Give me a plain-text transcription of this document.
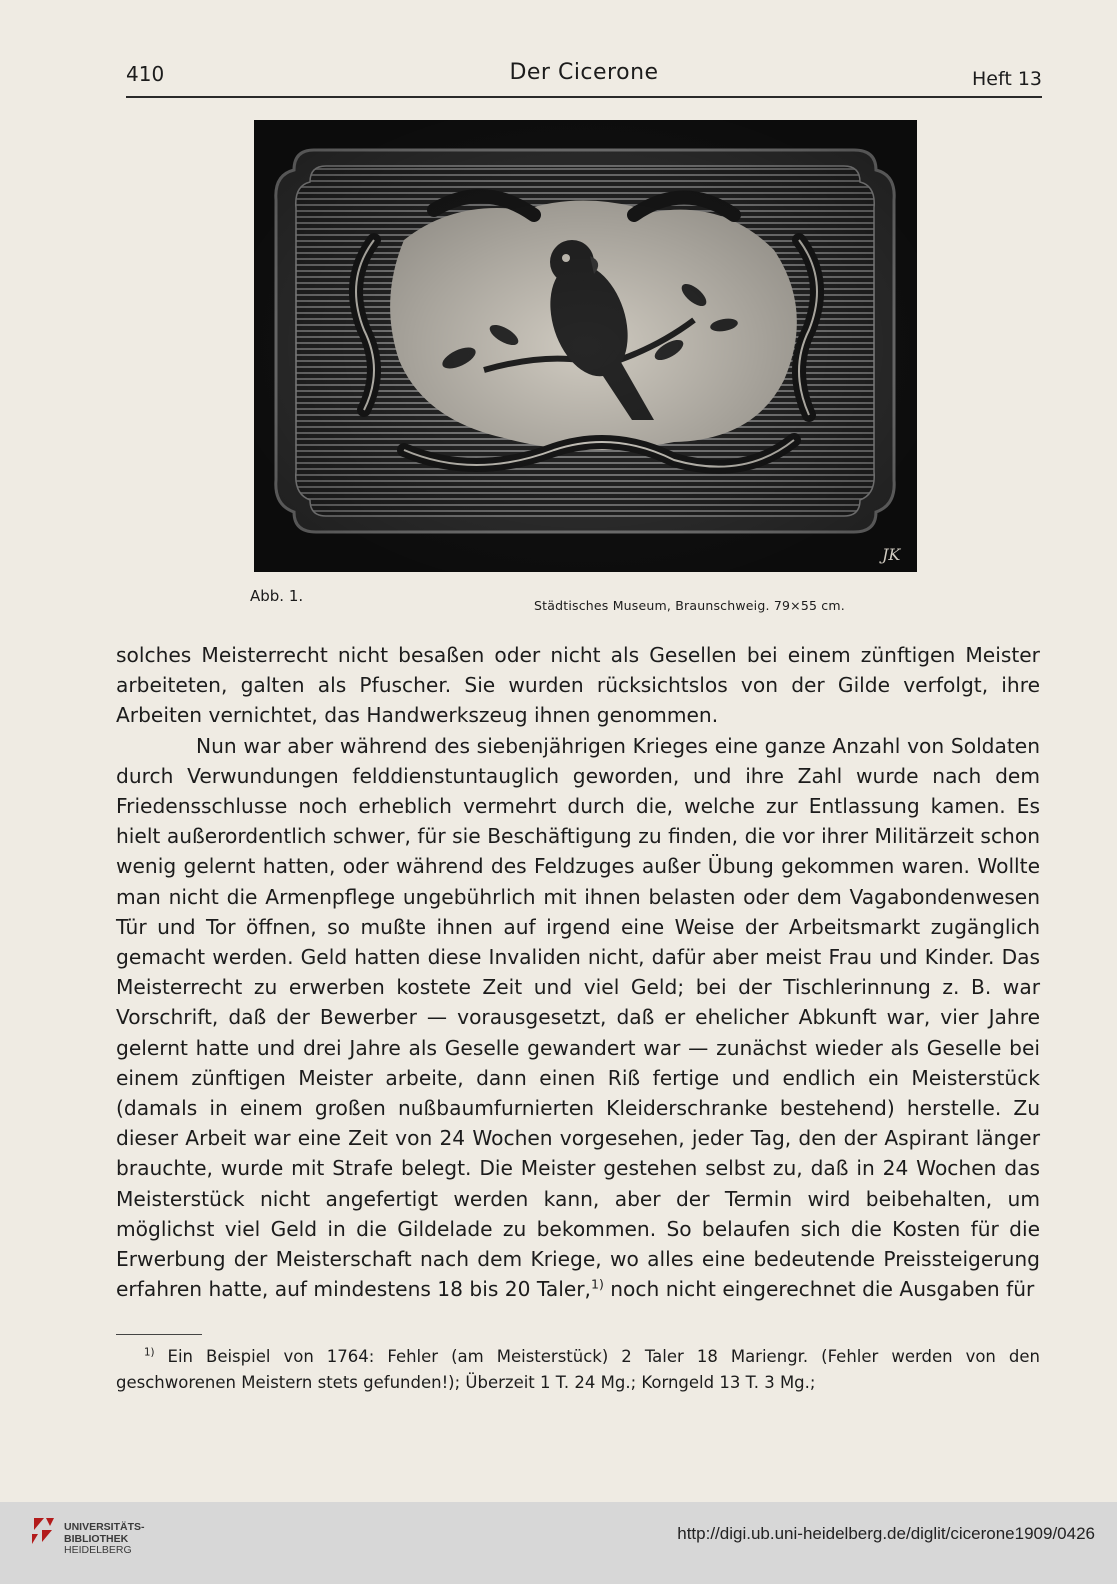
410	Der Cicerone	Heft 13
JK
Abb. 1.
Städtisches Museum, Braunschweig. 79×55 cm.

solches Meisterrecht nicht besaßen oder nicht als Gesellen bei einem zünftigen Meister arbeiteten, galten als Pfuscher. Sie wurden rücksichtslos von der Gilde verfolgt, ihre Arbeiten vernichtet, das Handwerkszeug ihnen genommen.

Nun war aber während des siebenjährigen Krieges eine ganze Anzahl von Soldaten durch Verwundungen felddienstuntauglich geworden, und ihre Zahl wurde nach dem Friedensschlusse noch erheblich vermehrt durch die, welche zur Entlassung kamen. Es hielt außerordentlich schwer, für sie Beschäftigung zu finden, die vor ihrer Militärzeit schon wenig gelernt hatten, oder während des Feldzuges außer Übung gekommen waren. Wollte man nicht die Armenpflege ungebührlich mit ihnen belasten oder dem Vagabondenwesen Tür und Tor öffnen, so mußte ihnen auf irgend eine Weise der Arbeitsmarkt zugänglich gemacht werden. Geld hatten diese Invaliden nicht, dafür aber meist Frau und Kinder. Das Meisterrecht zu erwerben kostete Zeit und viel Geld; bei der Tischlerinnung z. B. war Vorschrift, daß der Bewerber — vorausgesetzt, daß er ehelicher Abkunft war, vier Jahre gelernt hatte und drei Jahre als Geselle gewandert war — zunächst wieder als Geselle bei einem zünftigen Meister arbeite, dann einen Riß fertige und endlich ein Meisterstück (damals in einem großen nußbaumfurnierten Kleiderschranke bestehend) herstelle. Zu dieser Arbeit war eine Zeit von 24 Wochen vorgesehen, jeder Tag, den der Aspirant länger brauchte, wurde mit Strafe belegt. Die Meister gestehen selbst zu, daß in 24 Wochen das Meisterstück nicht angefertigt werden kann, aber der Termin wird beibehalten, um möglichst viel Geld in die Gildelade zu bekommen. So belaufen sich die Kosten für die Erwerbung der Meisterschaft nach dem Kriege, wo alles eine bedeutende Preissteigerung erfahren hatte, auf mindestens 18 bis 20 Taler,$^{1)}$ noch nicht eingerechnet die Ausgaben für

$^{1)}$ Ein Beispiel von 1764: Fehler (am Meisterstück) 2 Taler 18 Mariengr. (Fehler werden von den geschworenen Meistern stets gefunden!); Überzeit 1 T. 24 Mg.; Korngeld 13 T. 3 Mg.;

UNIVERSITÄTS-
BIBLIOTHEK
HEIDELBERG
http://digi.ub.uni-heidelberg.de/diglit/cicerone1909/0426
